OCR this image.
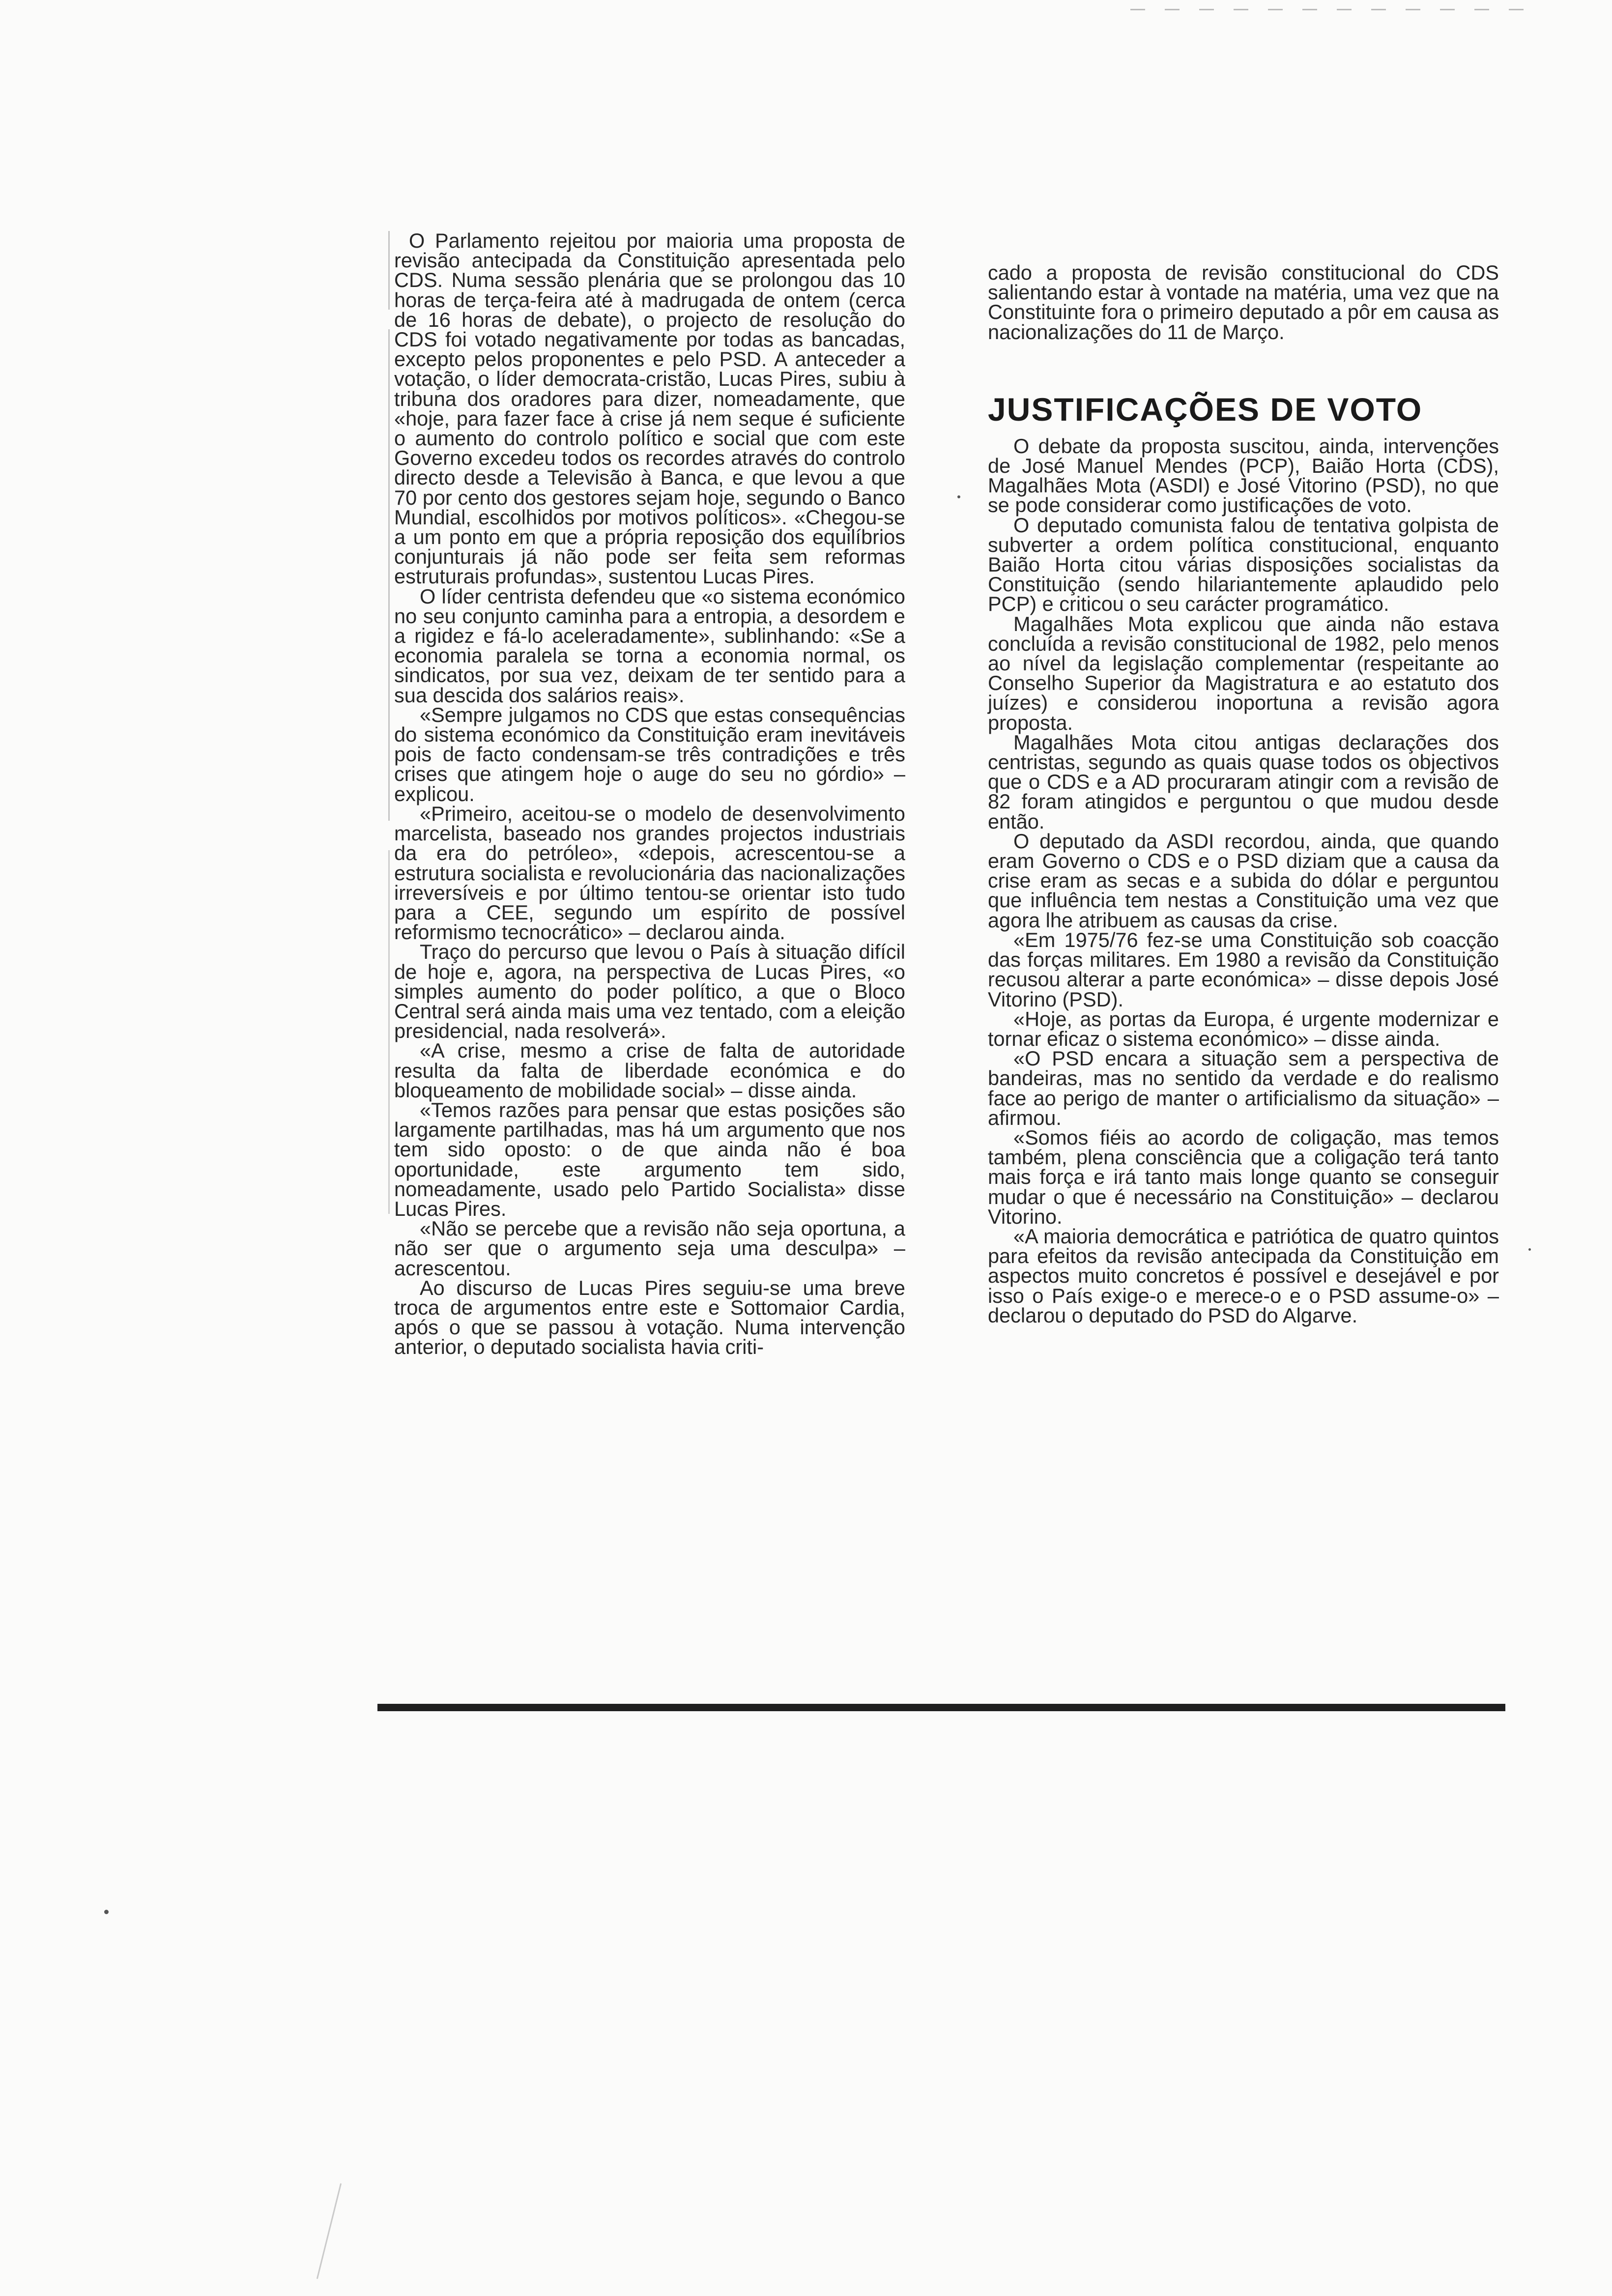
O Parlamento rejeitou por maioria uma proposta de revisão antecipada da Constituição apresentada pelo CDS. Numa sessão plenária que se prolongou das 10 horas de terça-feira até à madrugada de ontem (cerca de 16 horas de debate), o projecto de resolução do CDS foi votado negativamente por todas as bancadas, excepto pelos proponentes e pelo PSD. A anteceder a votação, o líder democrata-cristão, Lucas Pires, subiu à tribuna dos oradores para dizer, nomeadamente, que «hoje, para fazer face à crise já nem seque é suficiente o aumento do controlo político e social que com este Governo excedeu todos os recordes através do controlo directo desde a Televisão à Banca, e que levou a que 70 por cento dos gestores sejam hoje, segundo o Banco Mundial, escolhidos por motivos políticos». «Chegou-se a um ponto em que a própria reposição dos equilíbrios conjunturais já não pode ser feita sem reformas estruturais profundas», sustentou Lucas Pires.

O líder centrista defendeu que «o sistema económico no seu conjunto caminha para a entropia, a desordem e a rigidez e fá-lo aceleradamente», sublinhando: «Se a economia paralela se torna a economia normal, os sindicatos, por sua vez, deixam de ter sentido para a sua descida dos salários reais».

«Sempre julgamos no CDS que estas consequências do sistema económico da Constituição eram inevitáveis pois de facto condensam-se três contradições e três crises que atingem hoje o auge do seu no górdio» – explicou.

«Primeiro, aceitou-se o modelo de desenvolvimento marcelista, baseado nos grandes projectos industriais da era do petróleo», «depois, acrescentou-se a estrutura socialista e revolucionária das nacionalizações irreversíveis e por último tentou-se orientar isto tudo para a CEE, segundo um espírito de possível reformismo tecnocrático» – declarou ainda.

Traço do percurso que levou o País à situação difícil de hoje e, agora, na perspectiva de Lucas Pires, «o simples aumento do poder político, a que o Bloco Central será ainda mais uma vez tentado, com a eleição presidencial, nada resolverá».

«A crise, mesmo a crise de falta de autoridade resulta da falta de liberdade económica e do bloqueamento de mobilidade social» – disse ainda.

«Temos razões para pensar que estas posições são largamente partilhadas, mas há um argumento que nos tem sido oposto: o de que ainda não é boa oportunidade, este argumento tem sido, nomeadamente, usado pelo Partido Socialista» disse Lucas Pires.

«Não se percebe que a revisão não seja oportuna, a não ser que o argumento seja uma desculpa» – acrescentou.

Ao discurso de Lucas Pires seguiu-se uma breve troca de argumentos entre este e Sottomaior Cardia, após o que se passou à votação. Numa intervenção anterior, o deputado socialista havia criti-

cado a proposta de revisão constitucional do CDS salientando estar à vontade na matéria, uma vez que na Constituinte fora o primeiro deputado a pôr em causa as nacionalizações do 11 de Março.

JUSTIFICAÇÕES DE VOTO

O debate da proposta suscitou, ainda, intervenções de José Manuel Mendes (PCP), Baião Horta (CDS), Magalhães Mota (ASDI) e José Vitorino (PSD), no que se pode considerar como justificações de voto.

O deputado comunista falou de tentativa golpista de subverter a ordem política constitucional, enquanto Baião Horta citou várias disposições socialistas da Constituição (sendo hilariantemente aplaudido pelo PCP) e criticou o seu carácter programático.

Magalhães Mota explicou que ainda não estava concluída a revisão constitucional de 1982, pelo menos ao nível da legislação complementar (respeitante ao Conselho Superior da Magistratura e ao estatuto dos juízes) e considerou inoportuna a revisão agora proposta.

Magalhães Mota citou antigas declarações dos centristas, segundo as quais quase todos os objectivos que o CDS e a AD procuraram atingir com a revisão de 82 foram atingidos e perguntou o que mudou desde então.

O deputado da ASDI recordou, ainda, que quando eram Governo o CDS e o PSD diziam que a causa da crise eram as secas e a subida do dólar e perguntou que influência tem nestas a Constituição uma vez que agora lhe atribuem as causas da crise.

«Em 1975/76 fez-se uma Constituição sob coacção das forças militares. Em 1980 a revisão da Constituição recusou alterar a parte económica» – disse depois José Vitorino (PSD).

«Hoje, as portas da Europa, é urgente modernizar e tornar eficaz o sistema económico» – disse ainda.

«O PSD encara a situação sem a perspectiva de bandeiras, mas no sentido da verdade e do realismo face ao perigo de manter o artificialismo da situação» – afirmou.

«Somos fiéis ao acordo de coligação, mas temos também, plena consciência que a coligação terá tanto mais força e irá tanto mais longe quanto se conseguir mudar o que é necessário na Constituição» – declarou Vitorino.

«A maioria democrática e patriótica de quatro quintos para efeitos da revisão antecipada da Constituição em aspectos muito concretos é possível e desejável e por isso o País exige-o e merece-o e o PSD assume-o» – declarou o deputado do PSD do Algarve.
